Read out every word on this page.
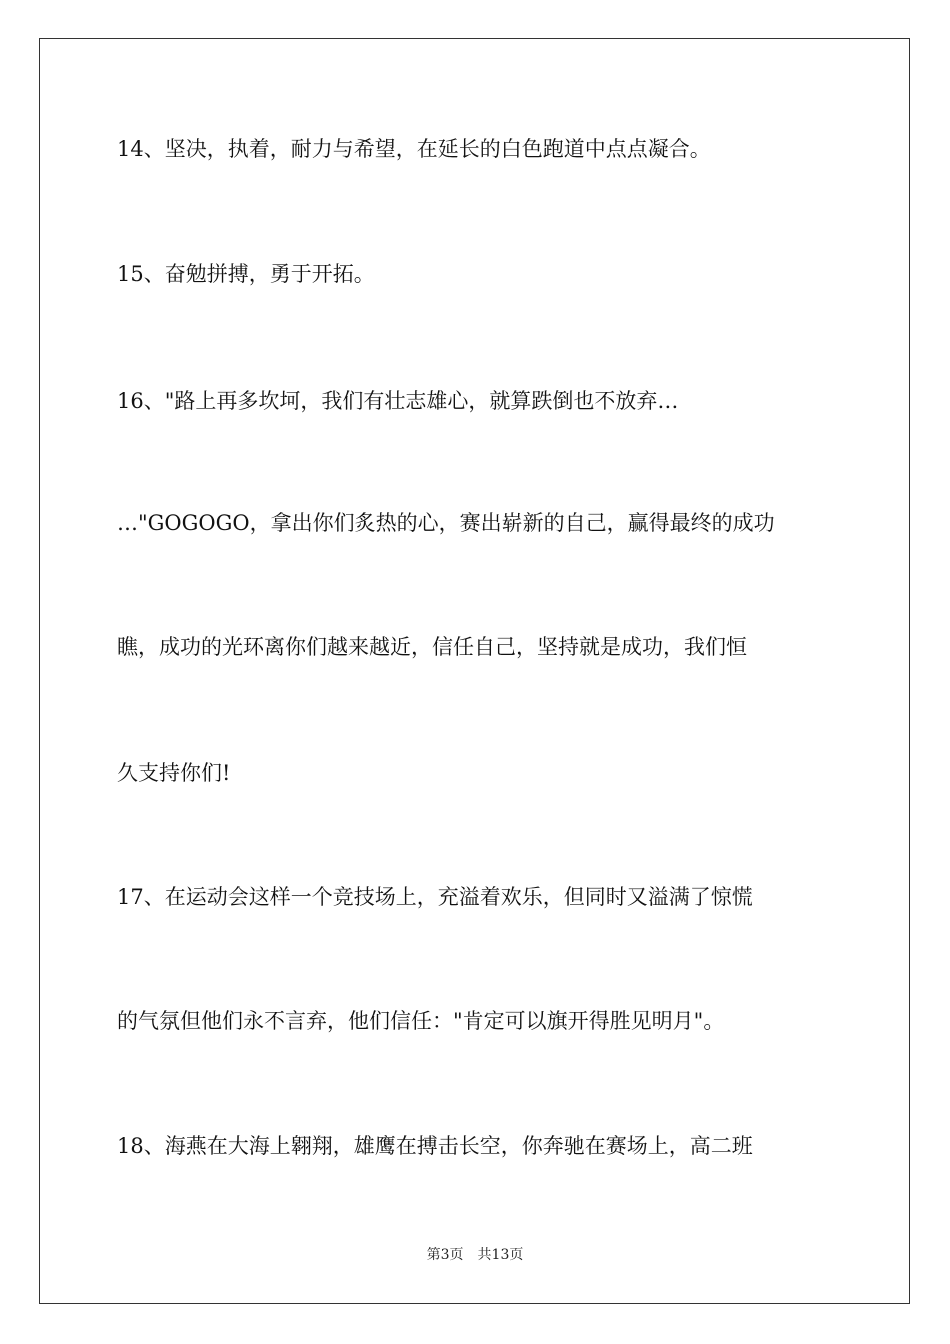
14、坚决，执着，耐力与希望，在延长的白色跑道中点点凝合。
15、奋勉拼搏，勇于开拓。
16、"路上再多坎坷，我们有壮志雄心，就算跌倒也不放弃…
…"GOGOGO，拿出你们炙热的心，赛出崭新的自己，赢得最终的成功
瞧，成功的光环离你们越来越近，信任自己，坚持就是成功，我们恒
久支持你们!
17、在运动会这样一个竞技场上，充溢着欢乐，但同时又溢满了惊慌
的气氛但他们永不言弃，他们信任："肯定可以旗开得胜见明月"。
18、海燕在大海上翱翔，雄鹰在搏击长空，你奔驰在赛场上，高二班
第3页 共13页
